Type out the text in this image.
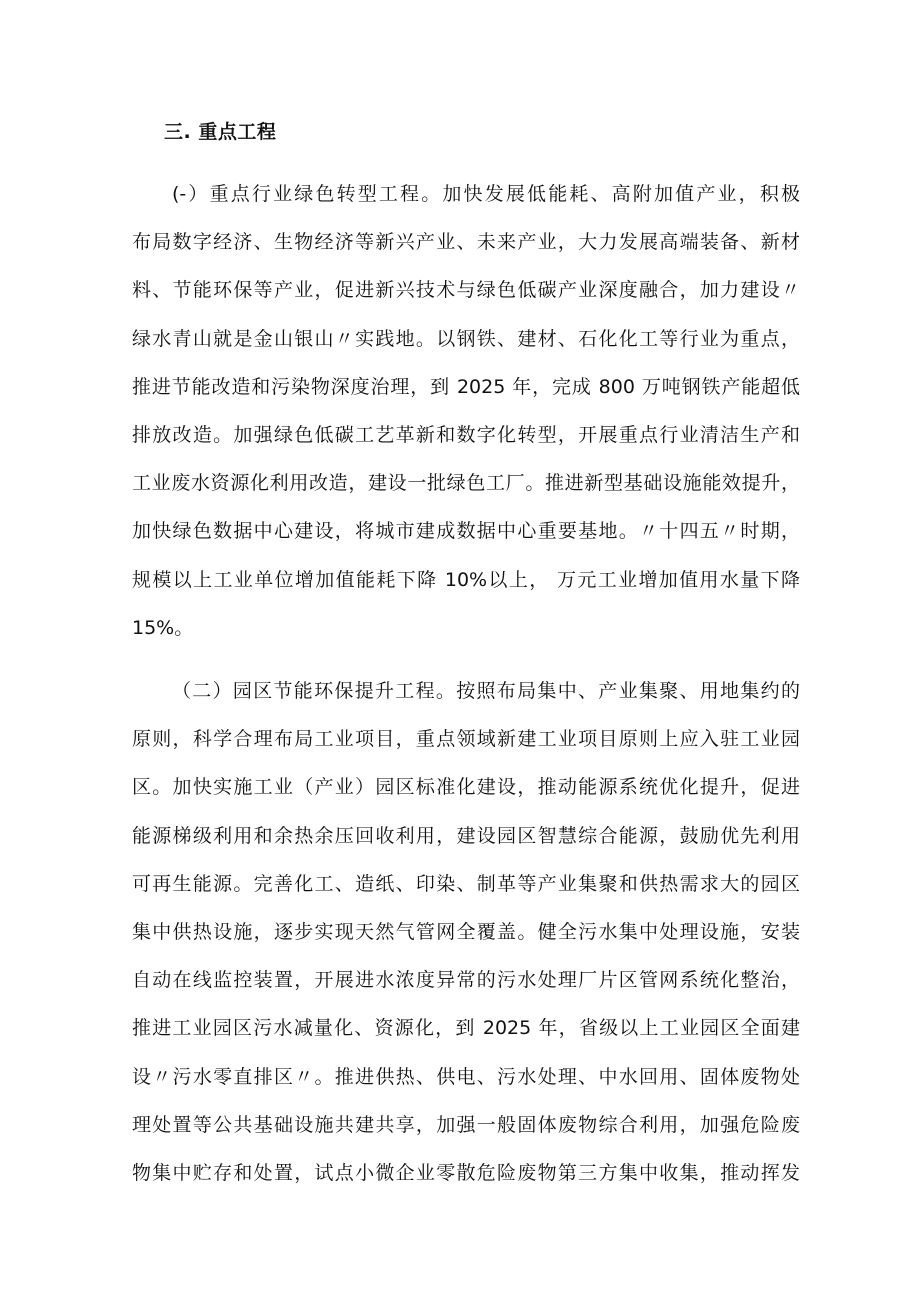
三. 重点工程
(-）重点行业绿色转型工程。加快发展低能耗、高附加值产业，积极
布局数字经济、生物经济等新兴产业、未来产业，大力发展高端装备、新材
料、节能环保等产业，促进新兴技术与绿色低碳产业深度融合，加力建设〃
绿水青山就是金山银山〃实践地。以钢铁、建材、石化化工等行业为重点，
推进节能改造和污染物深度治理，到 2025 年，完成 800 万吨钢铁产能超低
排放改造。加强绿色低碳工艺革新和数字化转型，开展重点行业清洁生产和
工业废水资源化利用改造，建设一批绿色工厂。推进新型基础设施能效提升，
加快绿色数据中心建设，将城市建成数据中心重要基地。〃十四五〃时期，
规模以上工业单位增加值能耗下降 10%以上， 万元工业增加值用水量下降
15%。
（二）园区节能环保提升工程。按照布局集中、产业集聚、用地集约的
原则，科学合理布局工业项目，重点领域新建工业项目原则上应入驻工业园
区。加快实施工业（产业）园区标准化建设，推动能源系统优化提升，促进
能源梯级利用和余热余压回收利用，建设园区智慧综合能源，鼓励优先利用
可再生能源。完善化工、造纸、印染、制革等产业集聚和供热需求大的园区
集中供热设施，逐步实现天然气管网全覆盖。健全污水集中处理设施，安装
自动在线监控装置，开展进水浓度异常的污水处理厂片区管网系统化整治，
推进工业园区污水减量化、资源化，到 2025 年，省级以上工业园区全面建
设〃污水零直排区〃。推进供热、供电、污水处理、中水回用、固体废物处
理处置等公共基础设施共建共享，加强一般固体废物综合利用，加强危险废
物集中贮存和处置，试点小微企业零散危险废物第三方集中收集，推动挥发
